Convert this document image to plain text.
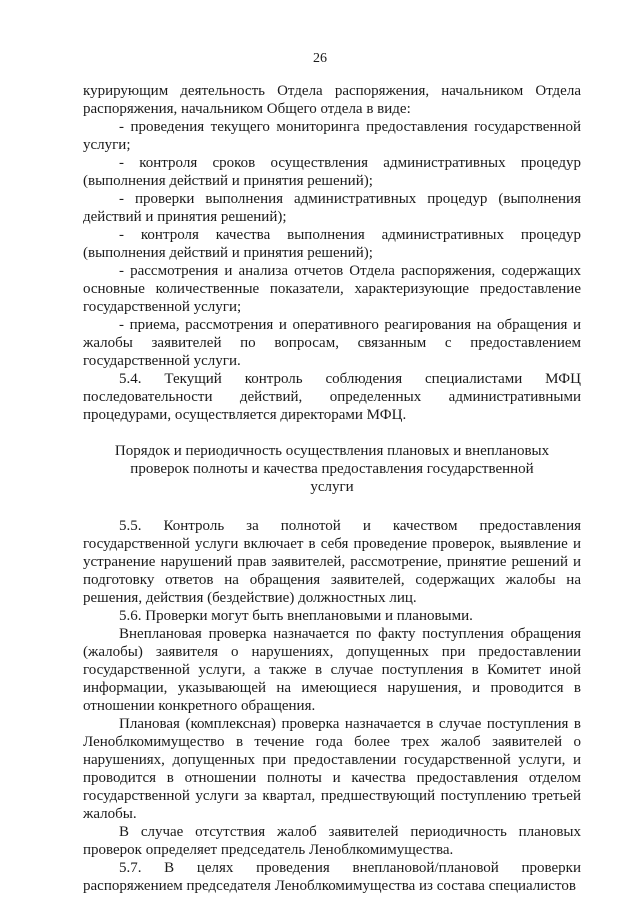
26

курирующим деятельность Отдела распоряжения, начальником Отдела распоряжения, начальником Общего отдела в виде:

- проведения текущего мониторинга предоставления государственной услуги;

- контроля сроков осуществления административных процедур (выполнения действий и принятия решений);

- проверки выполнения административных процедур (выполнения действий и принятия решений);

- контроля качества выполнения административных процедур (выполнения действий и принятия решений);

- рассмотрения и анализа отчетов Отдела распоряжения, содержащих основные количественные показатели, характеризующие предоставление государственной услуги;

- приема, рассмотрения и оперативного реагирования на обращения и жалобы заявителей по вопросам, связанным с предоставлением государственной услуги.

5.4. Текущий контроль соблюдения специалистами МФЦ последовательности действий, определенных административными процедурами, осуществляется директорами МФЦ.

Порядок и периодичность осуществления плановых и внеплановых проверок полноты и качества предоставления государственной услуги

5.5. Контроль за полнотой и качеством предоставления государственной услуги включает в себя проведение проверок, выявление и устранение нарушений прав заявителей, рассмотрение, принятие решений и подготовку ответов на обращения заявителей, содержащих жалобы на решения, действия (бездействие) должностных лиц.

5.6. Проверки могут быть внеплановыми и плановыми.

Внеплановая проверка назначается по факту поступления обращения (жалобы) заявителя о нарушениях, допущенных при предоставлении государственной услуги, а также в случае поступления в Комитет иной информации, указывающей на имеющиеся нарушения, и проводится в отношении конкретного обращения.

Плановая (комплексная) проверка назначается в случае поступления в Леноблкомимущество в течение года более трех жалоб заявителей о нарушениях, допущенных при предоставлении государственной услуги, и проводится в отношении полноты и качества предоставления отделом государственной услуги за квартал, предшествующий поступлению третьей жалобы.

В случае отсутствия жалоб заявителей периодичность плановых проверок определяет председатель Леноблкомимущества.

5.7. В целях проведения внеплановой/плановой проверки распоряжением председателя Леноблкомимущества из состава специалистов
